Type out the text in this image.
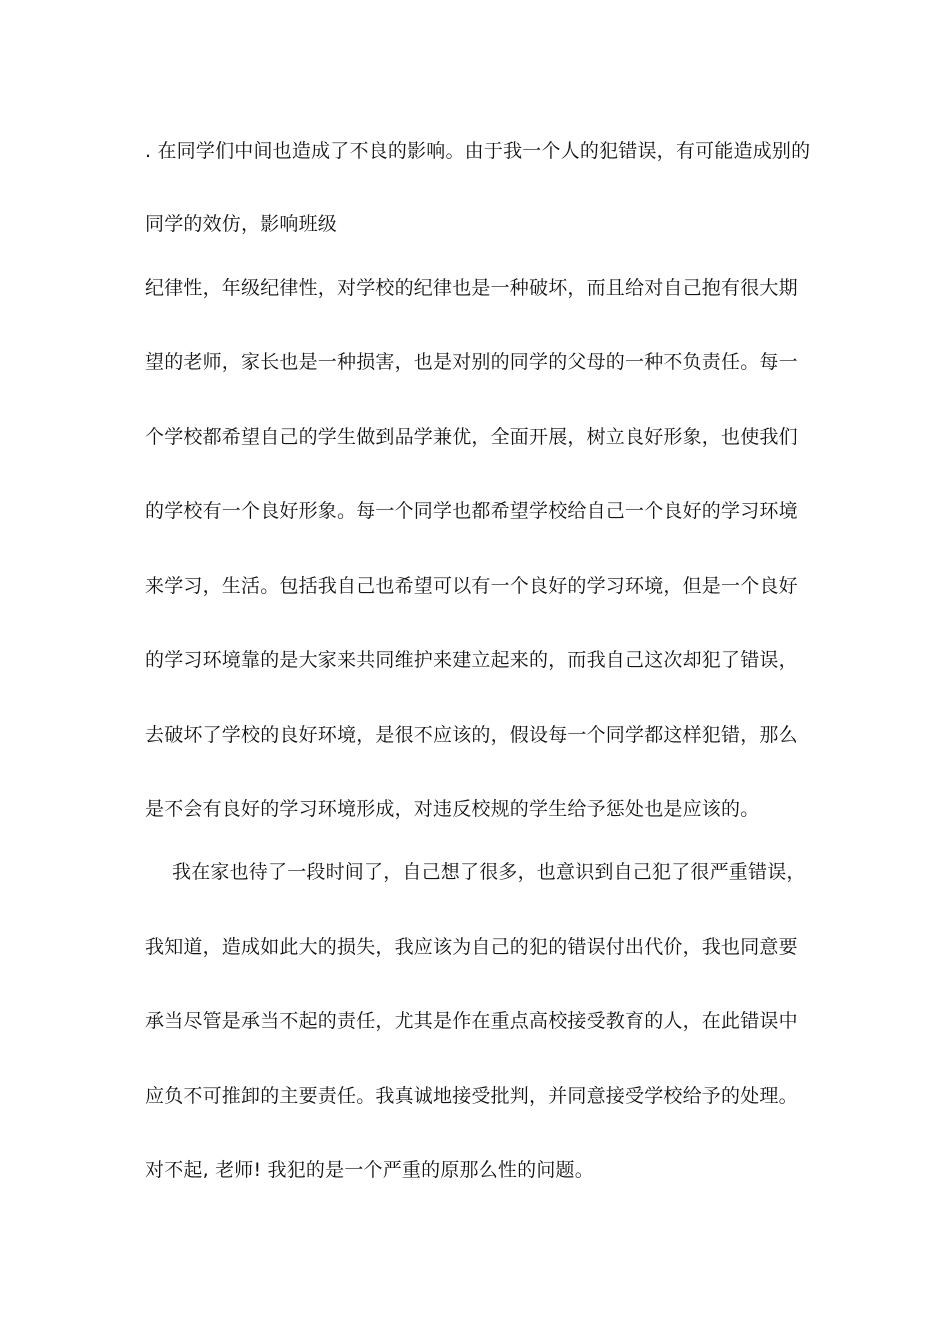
. 在同学们中间也造成了不良的影响。由于我一个人的犯错误，有可能造成别的
同学的效仿，影响班级
纪律性，年级纪律性，对学校的纪律也是一种破坏，而且给对自己抱有很大期
望的老师，家长也是一种损害，也是对别的同学的父母的一种不负责任。每一
个学校都希望自己的学生做到品学兼优，全面开展，树立良好形象，也使我们
的学校有一个良好形象。每一个同学也都希望学校给自己一个良好的学习环境
来学习，生活。包括我自己也希望可以有一个良好的学习环境，但是一个良好
的学习环境靠的是大家来共同维护来建立起来的，而我自己这次却犯了错误，
去破坏了学校的良好环境，是很不应该的，假设每一个同学都这样犯错，那么
是不会有良好的学习环境形成，对违反校规的学生给予惩处也是应该的。
我在家也待了一段时间了，自己想了很多，也意识到自己犯了很严重错误，
我知道，造成如此大的损失，我应该为自己的犯的错误付出代价，我也同意要
承当尽管是承当不起的责任，尤其是作在重点高校接受教育的人，在此错误中
应负不可推卸的主要责任。我真诚地接受批判，并同意接受学校给予的处理。
对不起, 老师! 我犯的是一个严重的原那么性的问题。
